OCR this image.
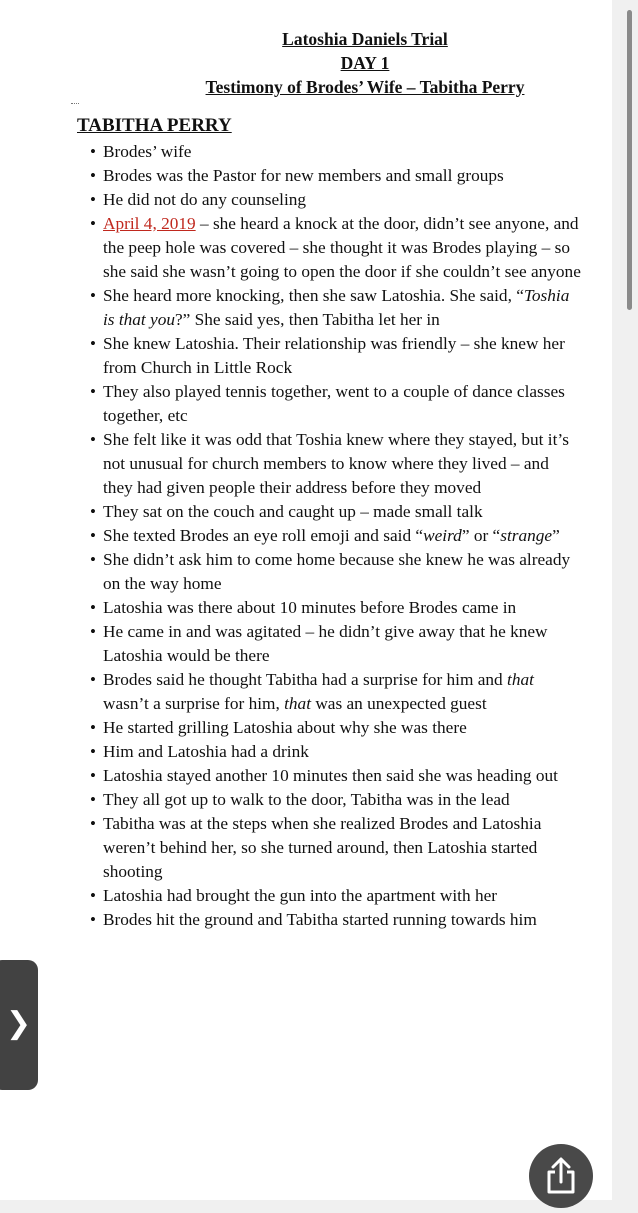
Latoshia Daniels Trial
DAY 1
Testimony of Brodes’ Wife – Tabitha Perry
TABITHA PERRY
• Brodes’ wife
• Brodes was the Pastor for new members and small groups
• He did not do any counseling
• April 4, 2019 – she heard a knock at the door, didn’t see anyone, and the peep hole was covered – she thought it was Brodes playing – so she said she wasn’t going to open the door if she couldn’t see anyone
• She heard more knocking, then she saw Latoshia. She said, “Toshia is that you?” She said yes, then Tabitha let her in
• She knew Latoshia. Their relationship was friendly – she knew her from Church in Little Rock
• They also played tennis together, went to a couple of dance classes together, etc
• She felt like it was odd that Toshia knew where they stayed, but it’s not unusual for church members to know where they lived – and they had given people their address before they moved
• They sat on the couch and caught up – made small talk
• She texted Brodes an eye roll emoji and said “weird” or “strange”
• She didn’t ask him to come home because she knew he was already on the way home
• Latoshia was there about 10 minutes before Brodes came in
• He came in and was agitated – he didn’t give away that he knew Latoshia would be there
• Brodes said he thought Tabitha had a surprise for him and that wasn’t a surprise for him, that was an unexpected guest
• He started grilling Latoshia about why she was there
• Him and Latoshia had a drink
• Latoshia stayed another 10 minutes then said she was heading out
• They all got up to walk to the door, Tabitha was in the lead
• Tabitha was at the steps when she realized Brodes and Latoshia weren’t behind her, so she turned around, then Latoshia started shooting
• Latoshia had brought the gun into the apartment with her
• Brodes hit the ground and Tabitha started running towards him
❯
